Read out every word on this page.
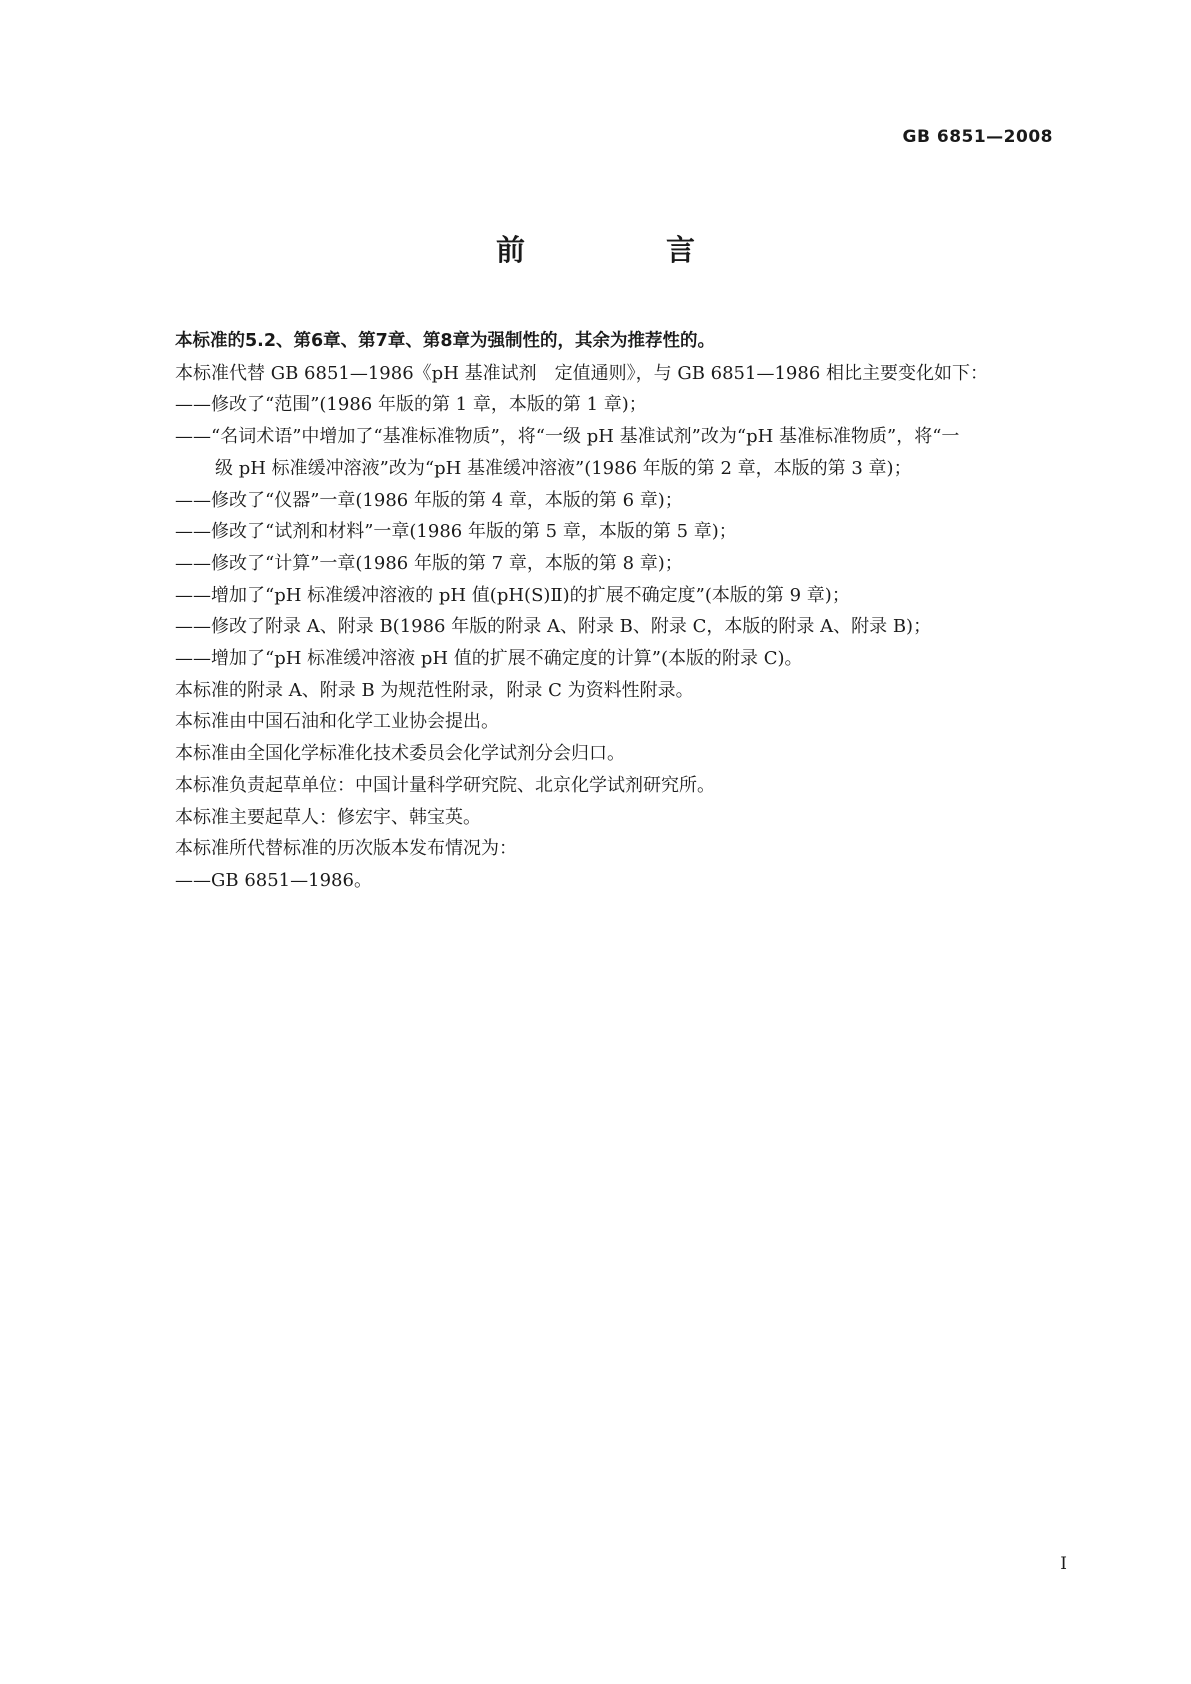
GB 6851—2008
前　言

本标准的5.2、第6章、第7章、第8章为强制性的，其余为推荐性的。

本标准代替 GB 6851—1986《pH 基准试剂　定值通则》，与 GB 6851—1986 相比主要变化如下：

——修改了“范围”(1986 年版的第 1 章，本版的第 1 章)；

——“名词术语”中增加了“基准标准物质”，将“一级 pH 基准试剂”改为“pH 基准标准物质”，将“一

级 pH 标准缓冲溶液”改为“pH 基准缓冲溶液”(1986 年版的第 2 章，本版的第 3 章)；

——修改了“仪器”一章(1986 年版的第 4 章，本版的第 6 章)；

——修改了“试剂和材料”一章(1986 年版的第 5 章，本版的第 5 章)；

——修改了“计算”一章(1986 年版的第 7 章，本版的第 8 章)；

——增加了“pH 标准缓冲溶液的 pH 值(pH(S)Ⅱ)的扩展不确定度”(本版的第 9 章)；

——修改了附录 A、附录 B(1986 年版的附录 A、附录 B、附录 C，本版的附录 A、附录 B)；

——增加了“pH 标准缓冲溶液 pH 值的扩展不确定度的计算”(本版的附录 C)。

本标准的附录 A、附录 B 为规范性附录，附录 C 为资料性附录。

本标准由中国石油和化学工业协会提出。

本标准由全国化学标准化技术委员会化学试剂分会归口。

本标准负责起草单位：中国计量科学研究院、北京化学试剂研究所。

本标准主要起草人：修宏宇、韩宝英。

本标准所代替标准的历次版本发布情况为：

——GB 6851—1986。

Ⅰ
